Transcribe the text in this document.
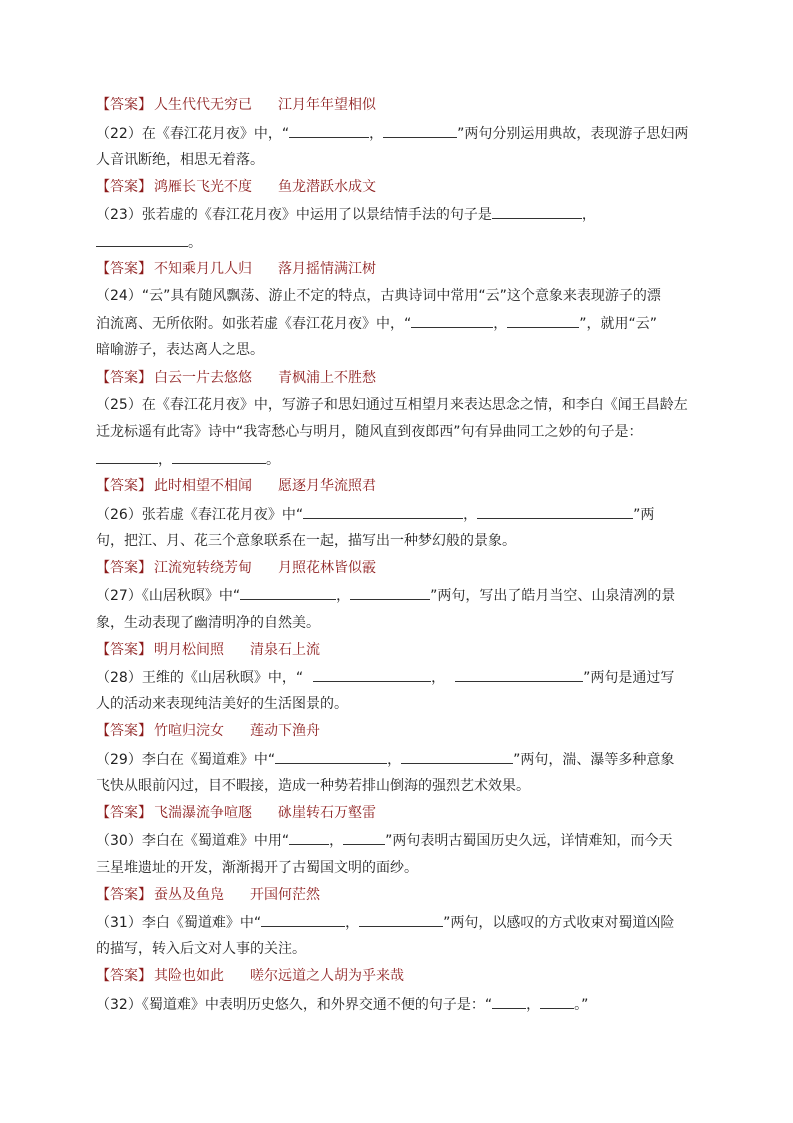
【答案】 人生代代无穷已 江月年年望相似
（22）在《春江花月夜》中，“	，	”两句分别运用典故，表现游子思妇两
人音讯断绝，相思无着落。
【答案】 鸿雁长飞光不度 鱼龙潜跃水成文
（23）张若虚的《春江花月夜》中运用了以景结情手法的句子是	，
。
【答案】 不知乘月几人归 落月摇情满江树
（24）“云”具有随风飘荡、游止不定的特点，古典诗词中常用“云”这个意象来表现游子的漂
泊流离、无所依附。如张若虚《春江花月夜》中，“	，	”，就用“云”
暗喻游子，表达离人之思。
【答案】 白云一片去悠悠 青枫浦上不胜愁
（25）在《春江花月夜》中，写游子和思妇通过互相望月来表达思念之情，和李白《闻王昌龄左
迁龙标遥有此寄》诗中“我寄愁心与明月，随风直到夜郎西”句有异曲同工之妙的句子是：
，	。
【答案】 此时相望不相闻 愿逐月华流照君
（26）张若虚《春江花月夜》中“	，	”两
句，把江、月、花三个意象联系在一起，描写出一种梦幻般的景象。
【答案】 江流宛转绕芳甸 月照花林皆似霰
（27）《山居秋暝》中“	，	”两句，写出了皓月当空、山泉清冽的景
象，生动表现了幽清明净的自然美。
【答案】 明月松间照 清泉石上流
（28）王维的《山居秋暝》中，“	，	”两句是通过写
人的活动来表现纯洁美好的生活图景的。
【答案】 竹喧归浣女 莲动下渔舟
（29）李白在《蜀道难》中“	，	”两句，湍、瀑等多种意象
飞快从眼前闪过，目不暇接，造成一种势若排山倒海的强烈艺术效果。
【答案】 飞湍瀑流争喧豗 砯崖转石万壑雷
（30）李白在《蜀道难》中用“	，	”两句表明古蜀国历史久远，详情难知，而今天
三星堆遗址的开发，渐渐揭开了古蜀国文明的面纱。
【答案】 蚕丛及鱼凫 开国何茫然
（31）李白《蜀道难》中“	，	”两句，以感叹的方式收束对蜀道凶险
的描写，转入后文对人事的关注。
【答案】 其险也如此 嗟尔远道之人胡为乎来哉
（32）《蜀道难》中表明历史悠久，和外界交通不便的句子是：“ ， 。”
